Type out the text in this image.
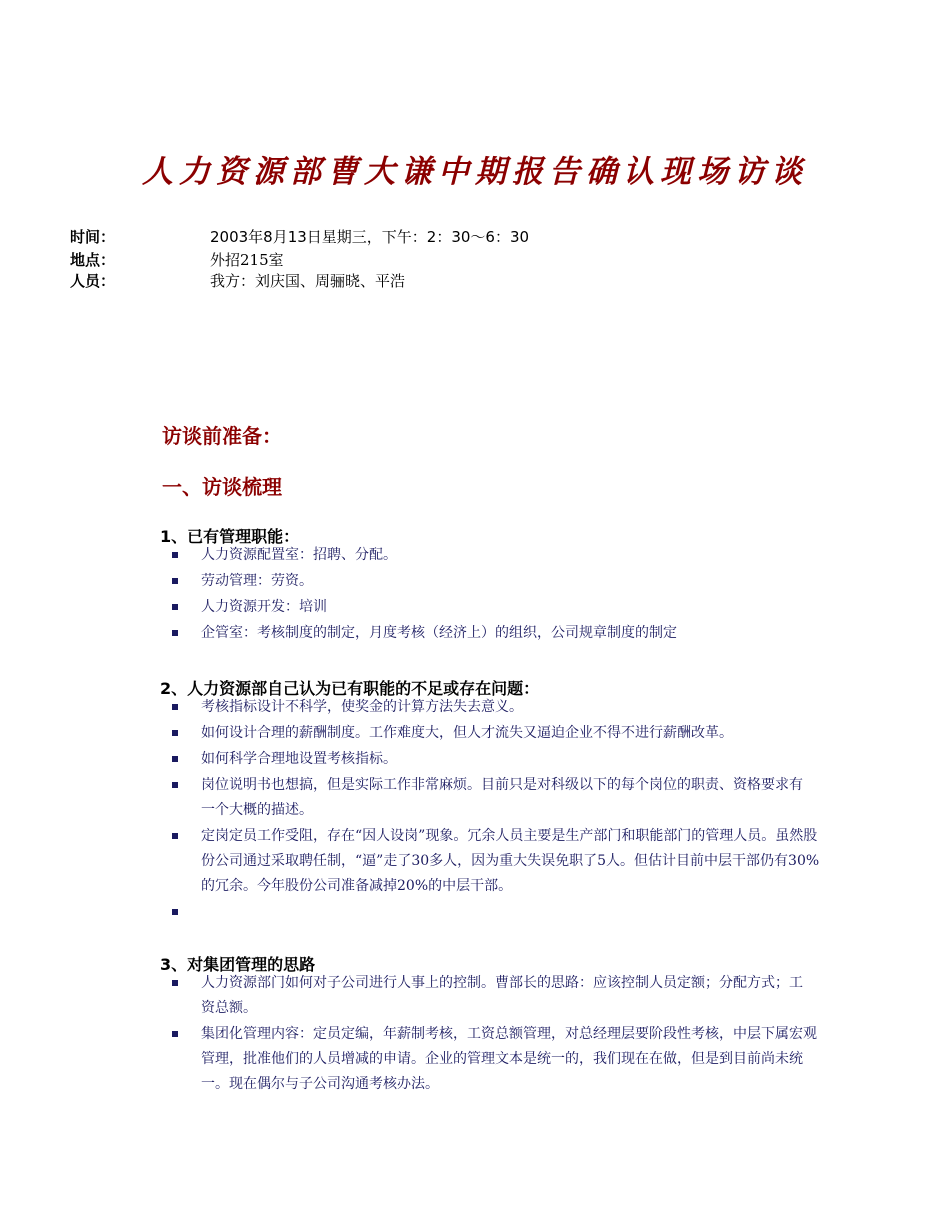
人力资源部曹大谦中期报告确认现场访谈
时间：	2003年8月13日星期三，下午：2：30～6：30
地点：	外招215室
人员：	我方：刘庆国、周骊晓、平浩
访谈前准备：
一、访谈梳理
1、已有管理职能：
人力资源配置室：招聘、分配。
劳动管理：劳资。
人力资源开发：培训
企管室：考核制度的制定，月度考核（经济上）的组织，公司规章制度的制定
2、人力资源部自己认为已有职能的不足或存在问题：
考核指标设计不科学，使奖金的计算方法失去意义。
如何设计合理的薪酬制度。工作难度大，但人才流失又逼迫企业不得不进行薪酬改革。
如何科学合理地设置考核指标。
岗位说明书也想搞，但是实际工作非常麻烦。目前只是对科级以下的每个岗位的职责、资格要求有一个大概的描述。
定岗定员工作受阻，存在“因人设岗”现象。冗余人员主要是生产部门和职能部门的管理人员。虽然股份公司通过采取聘任制，“逼”走了30多人，因为重大失误免职了5人。但估计目前中层干部仍有30%的冗余。今年股份公司准备减掉20%的中层干部。
3、对集团管理的思路
人力资源部门如何对子公司进行人事上的控制。曹部长的思路：应该控制人员定额；分配方式；工资总额。
集团化管理内容：定员定编，年薪制考核，工资总额管理，对总经理层要阶段性考核，中层下属宏观管理，批准他们的人员增减的申请。企业的管理文本是统一的，我们现在在做，但是到目前尚未统一。现在偶尔与子公司沟通考核办法。
